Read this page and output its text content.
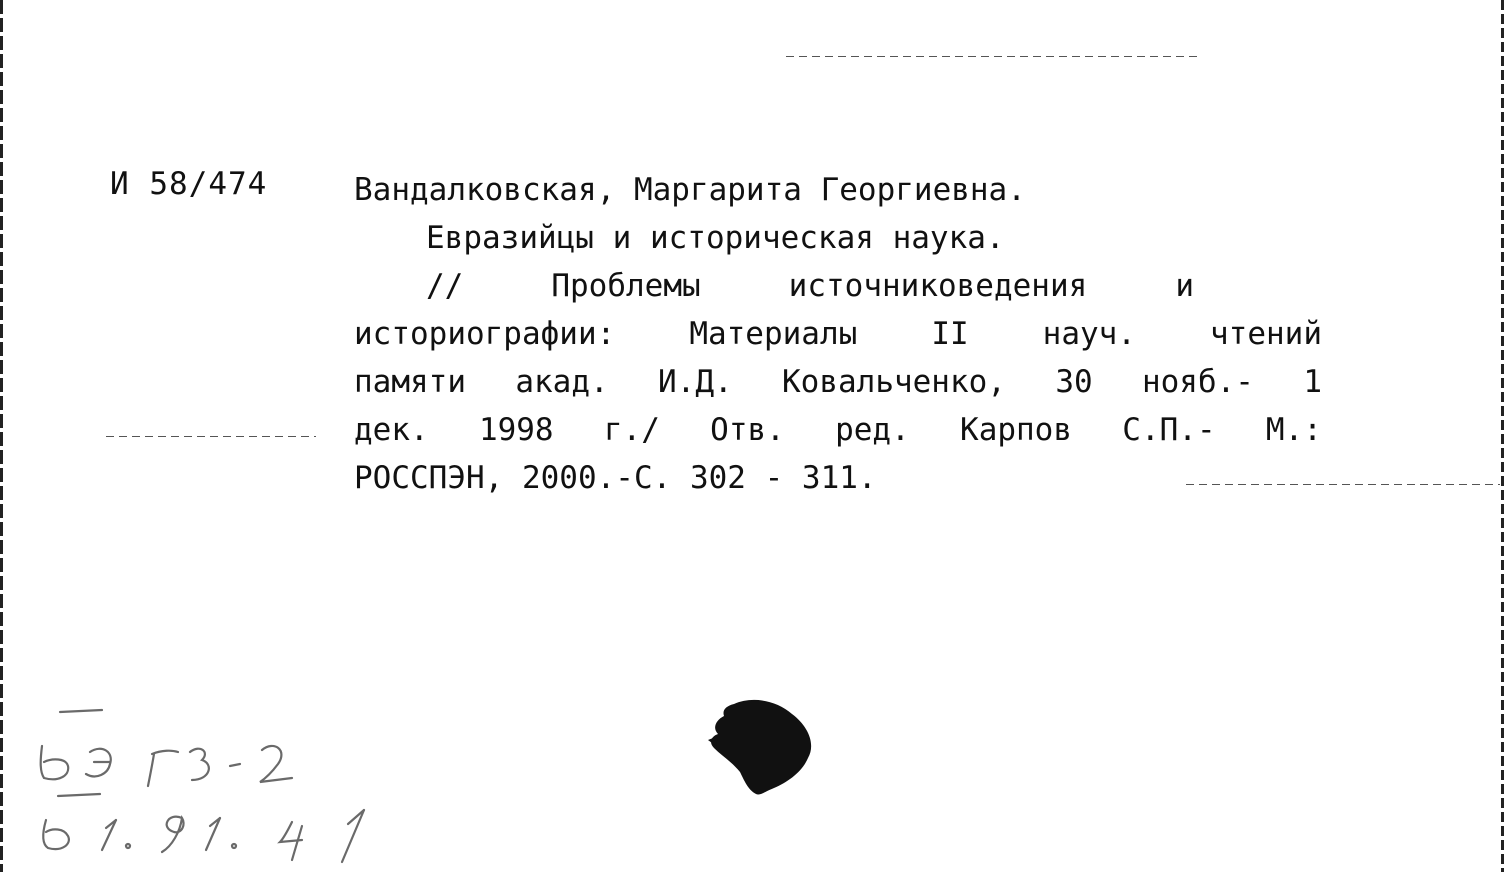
И 58/474	Вандалковская, Маргарита Георгиевна.
Евразийцы и историческая наука.
//	Проблемы	источниковедения	и
историографии: Материалы II науч. чтений
памяти акад. И.Д. Ковальченко, 30 нояб.- 1
дек. 1998 г./ Отв. ред. Карпов С.П.- М.:
РОССПЭН, 2000.-С. 302 - 311.
